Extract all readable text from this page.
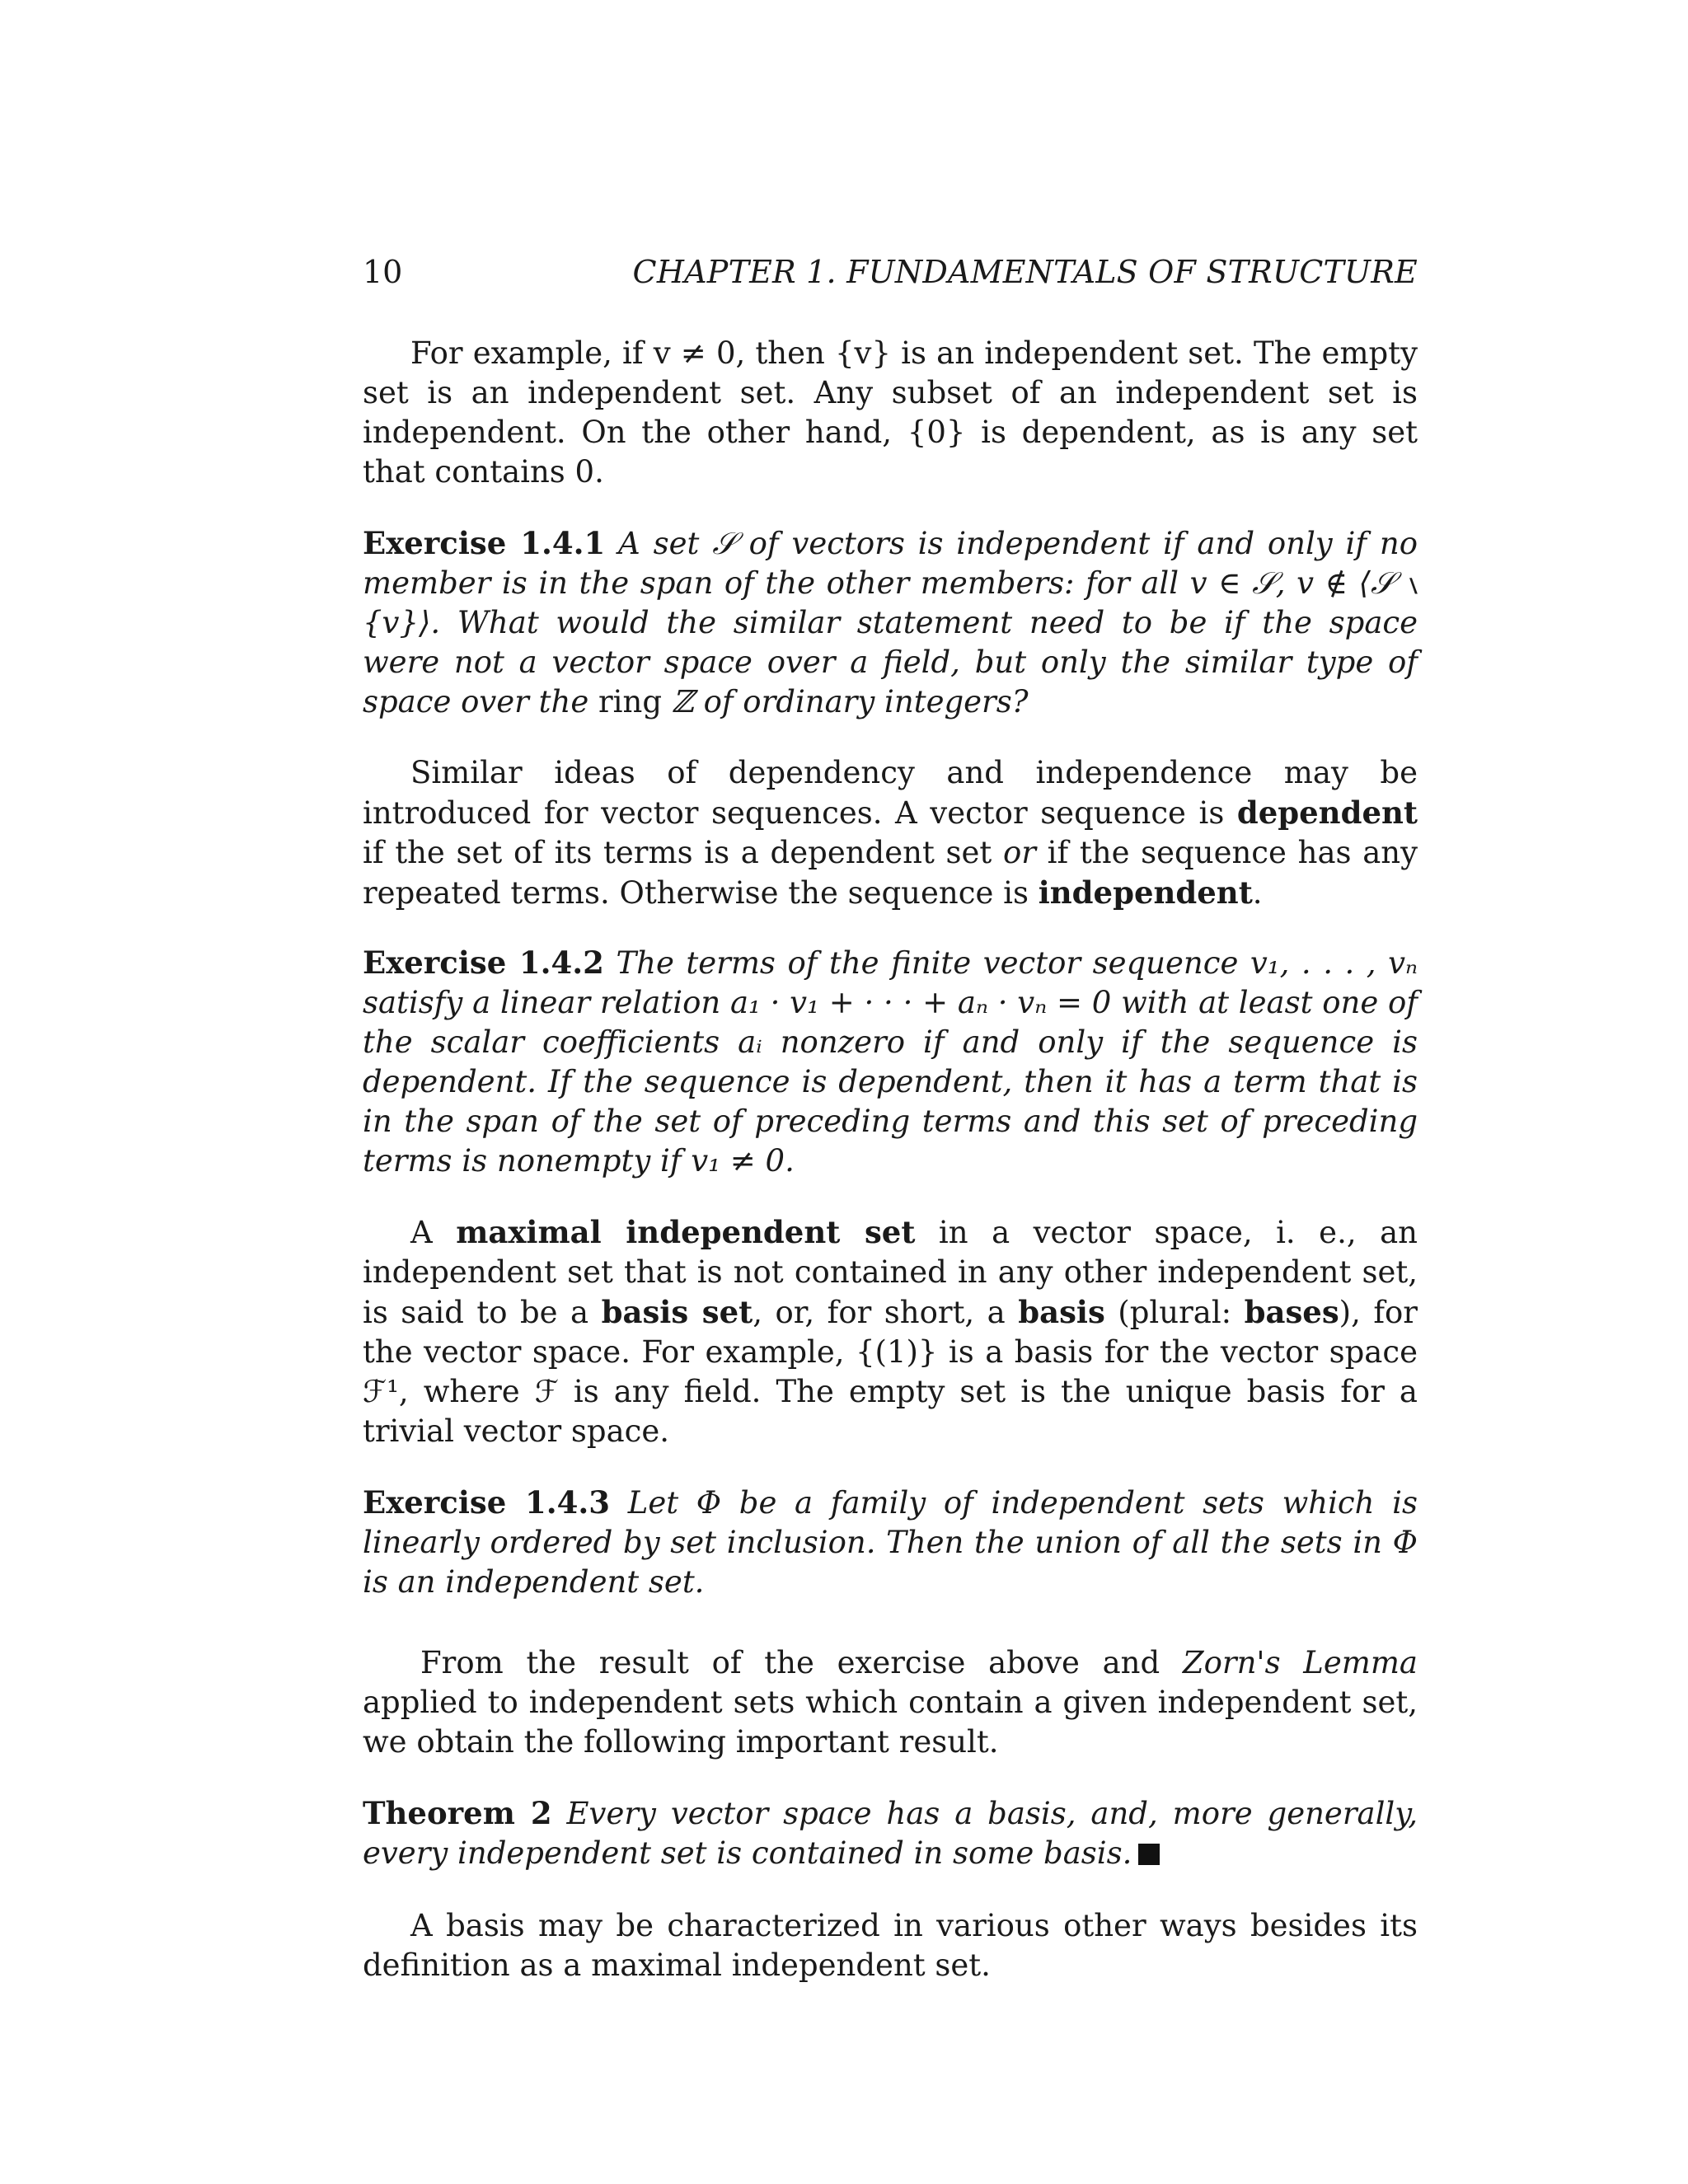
10	CHAPTER 1. FUNDAMENTALS OF STRUCTURE

For example, if v ≠ 0, then {v} is an independent set. The empty set is an independent set. Any subset of an independent set is independent. On the other hand, {0} is dependent, as is any set that contains 0.

Exercise 1.4.1 A set 𝒮 of vectors is independent if and only if no member is in the span of the other members: for all v ∈ 𝒮, v ∉ ⟨𝒮 ∖ {v}⟩. What would the similar statement need to be if the space were not a vector space over a field, but only the similar type of space over the ring ℤ of ordinary integers?

Similar ideas of dependency and independence may be introduced for vector sequences. A vector sequence is dependent if the set of its terms is a dependent set or if the sequence has any repeated terms. Otherwise the sequence is independent.

Exercise 1.4.2 The terms of the finite vector sequence v₁, . . . , vₙ satisfy a linear relation a₁ · v₁ + · · · + aₙ · vₙ = 0 with at least one of the scalar coefficients aᵢ nonzero if and only if the sequence is dependent. If the sequence is dependent, then it has a term that is in the span of the set of preceding terms and this set of preceding terms is nonempty if v₁ ≠ 0.

A maximal independent set in a vector space, i. e., an independent set that is not contained in any other independent set, is said to be a basis set, or, for short, a basis (plural: bases), for the vector space. For example, {(1)} is a basis for the vector space ℱ¹, where ℱ is any field. The empty set is the unique basis for a trivial vector space.

Exercise 1.4.3 Let Φ be a family of independent sets which is linearly ordered by set inclusion. Then the union of all the sets in Φ is an independent set.

From the result of the exercise above and Zorn's Lemma applied to independent sets which contain a given independent set, we obtain the following important result.

Theorem 2 Every vector space has a basis, and, more generally, every independent set is contained in some basis.

A basis may be characterized in various other ways besides its definition as a maximal independent set.
